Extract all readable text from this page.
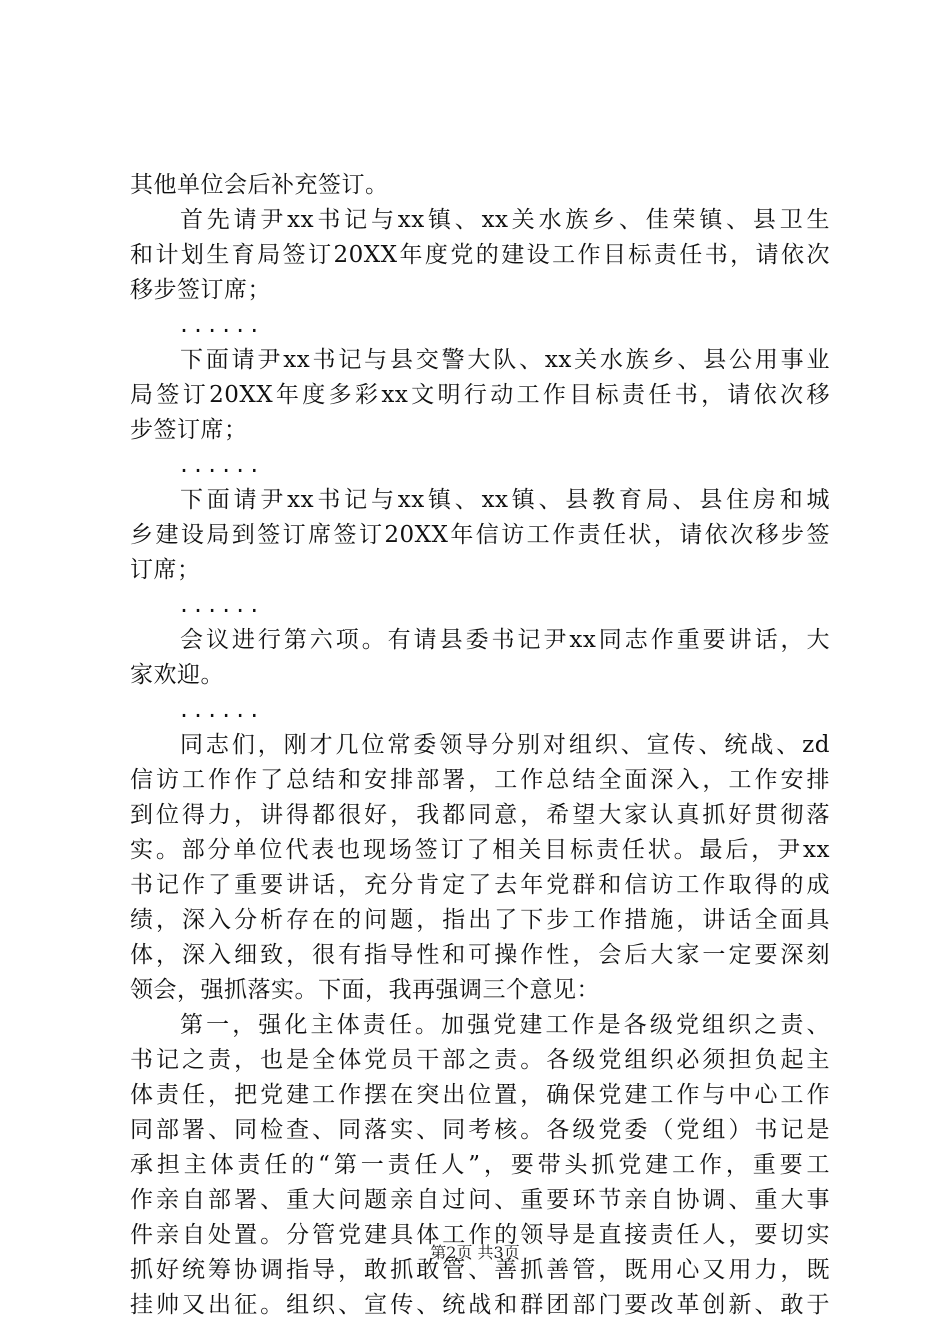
其他单位会后补充签订。
首先请尹xx书记与xx镇、xx关水族乡、佳荣镇、县卫生
和计划生育局签订20XX年度党的建设工作目标责任书，请依次
移步签订席；
......
下面请尹xx书记与县交警大队、xx关水族乡、县公用事业
局签订20XX年度多彩xx文明行动工作目标责任书，请依次移
步签订席；
......
下面请尹xx书记与xx镇、xx镇、县教育局、县住房和城
乡建设局到签订席签订20XX年信访工作责任状，请依次移步签
订席；
......
会议进行第六项。有请县委书记尹xx同志作重要讲话，大
家欢迎。
......
同志们，刚才几位常委领导分别对组织、宣传、统战、zd
信访工作作了总结和安排部署，工作总结全面深入，工作安排
到位得力，讲得都很好，我都同意，希望大家认真抓好贯彻落
实。部分单位代表也现场签订了相关目标责任状。最后，尹xx
书记作了重要讲话，充分肯定了去年党群和信访工作取得的成
绩，深入分析存在的问题，指出了下步工作措施，讲话全面具
体，深入细致，很有指导性和可操作性，会后大家一定要深刻
领会，强抓落实。下面，我再强调三个意见：
第一，强化主体责任。加强党建工作是各级党组织之责、
书记之责，也是全体党员干部之责。各级党组织必须担负起主
体责任，把党建工作摆在突出位置，确保党建工作与中心工作
同部署、同检查、同落实、同考核。各级党委（党组）书记是
承担主体责任的“第一责任人”，要带头抓党建工作，重要工
作亲自部署、重大问题亲自过问、重要环节亲自协调、重大事
件亲自处置。分管党建具体工作的领导是直接责任人，要切实
抓好统筹协调指导，敢抓敢管、善抓善管，既用心又用力，既
挂帅又出征。组织、宣传、统战和群团部门要改革创新、敢于
第2页 共3页
